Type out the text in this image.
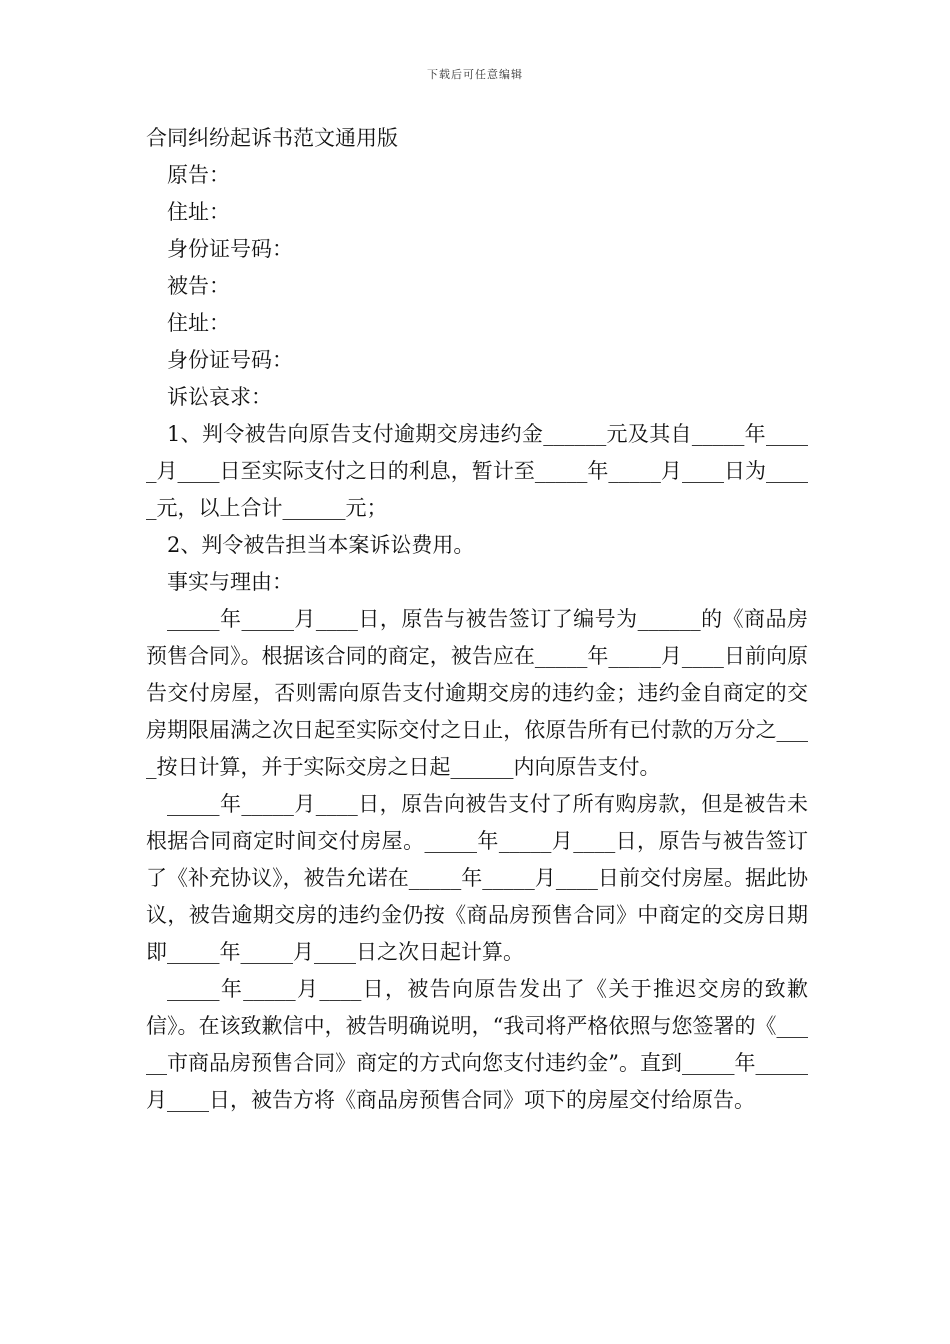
下载后可任意编辑

合同纠纷起诉书范文通用版

原告：

住址：

身份证号码：

被告：

住址：

身份证号码：

诉讼哀求：

1、判令被告向原告支付逾期交房违约金______元及其自_____年_____月____日至实际支付之日的利息，暂计至_____年_____月____日为_____元，以上合计______元；

2、判令被告担当本案诉讼费用。

事实与理由：

_____年_____月____日，原告与被告签订了编号为______的《商品房预售合同》。根据该合同的商定，被告应在_____年_____月____日前向原告交付房屋，否则需向原告支付逾期交房的违约金；违约金自商定的交房期限届满之次日起至实际交付之日止，依原告所有已付款的万分之____按日计算，并于实际交房之日起______内向原告支付。

_____年_____月____日，原告向被告支付了所有购房款，但是被告未根据合同商定时间交付房屋。_____年_____月____日，原告与被告签订了《补充协议》，被告允诺在_____年_____月____日前交付房屋。据此协议，被告逾期交房的违约金仍按《商品房预售合同》中商定的交房日期即_____年_____月____日之次日起计算。

_____年_____月____日，被告向原告发出了《关于推迟交房的致歉信》。在该致歉信中，被告明确说明，“我司将严格依照与您签署的《_____市商品房预售合同》商定的方式向您支付违约金”。直到_____年_____月____日，被告方将《商品房预售合同》项下的房屋交付给原告。
